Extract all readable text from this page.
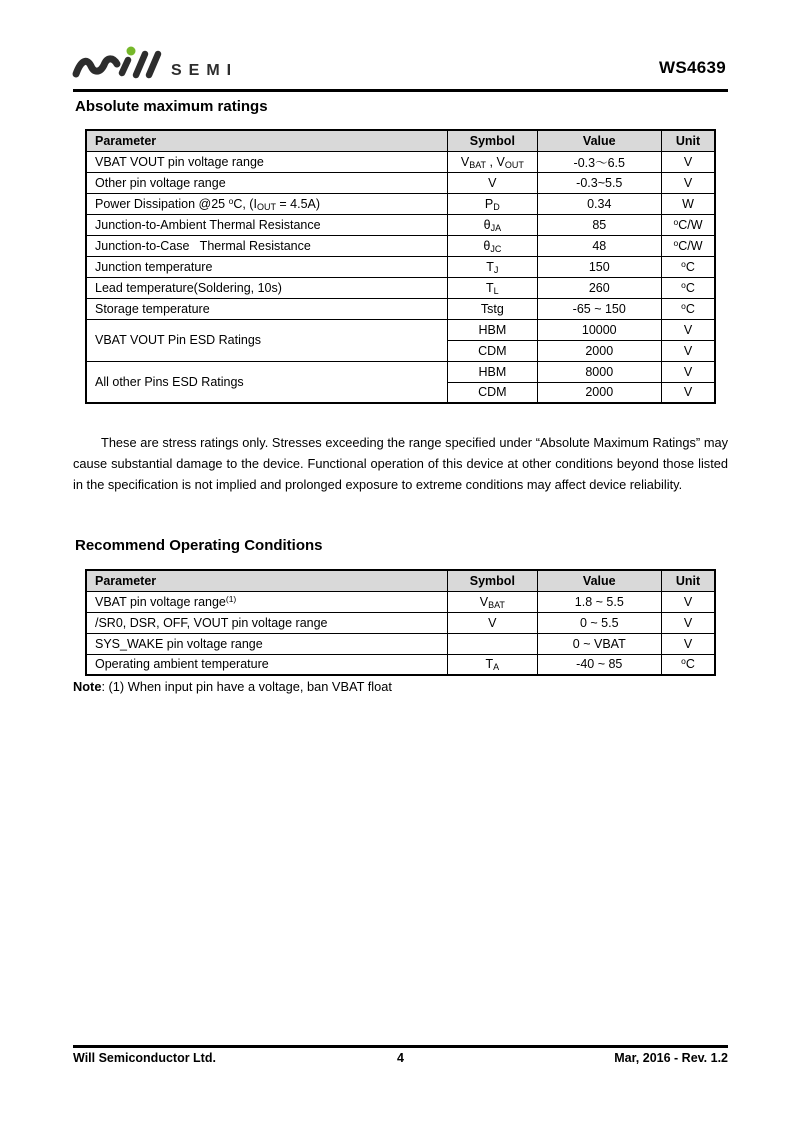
SEMI	WS4639
Absolute maximum ratings
Parameter	Symbol	Value	Unit
VBAT VOUT pin voltage range	$V_{BAT}$ , $V_{OUT}$	-0.3～6.5	V
Other pin voltage range	V	-0.3~5.5	V
Power Dissipation @25 $^o$C, $(I_{OUT} = 4.5A)$	$P_D$	0.34	W
Junction-to-Ambient Thermal Resistance	$\theta_{JA}$	85	$^o$C/W
Junction-to-Case   Thermal Resistance	$\theta_{JC}$	48	$^o$C/W
Junction temperature	$T_J$	150	$^o$C
Lead temperature(Soldering, 10s)	$T_L$	260	$^o$C
Storage temperature	Tstg	-65 ~ 150	$^o$C
VBAT VOUT Pin ESD Ratings	HBM	10000	V
	CDM	2000	V
All other Pins ESD Ratings	HBM	8000	V
	CDM	2000	V
These are stress ratings only. Stresses exceeding the range specified under “Absolute Maximum Ratings” may cause substantial damage to the device. Functional operation of this device at other conditions beyond those listed in the specification is not implied and prolonged exposure to extreme conditions may affect device reliability.
Recommend Operating Conditions
Parameter	Symbol	Value	Unit
VBAT pin voltage range$^{(1)}$	$V_{BAT}$	1.8 ~ 5.5	V
/SR0, DSR, OFF, VOUT pin voltage range	V	0 ~ 5.5	V
SYS_WAKE pin voltage range		0 ~ VBAT	V
Operating ambient temperature	$T_A$	-40 ~ 85	$^o$C
Note: (1) When input pin have a voltage, ban VBAT float
Will Semiconductor Ltd.	4	Mar, 2016 - Rev. 1.2
